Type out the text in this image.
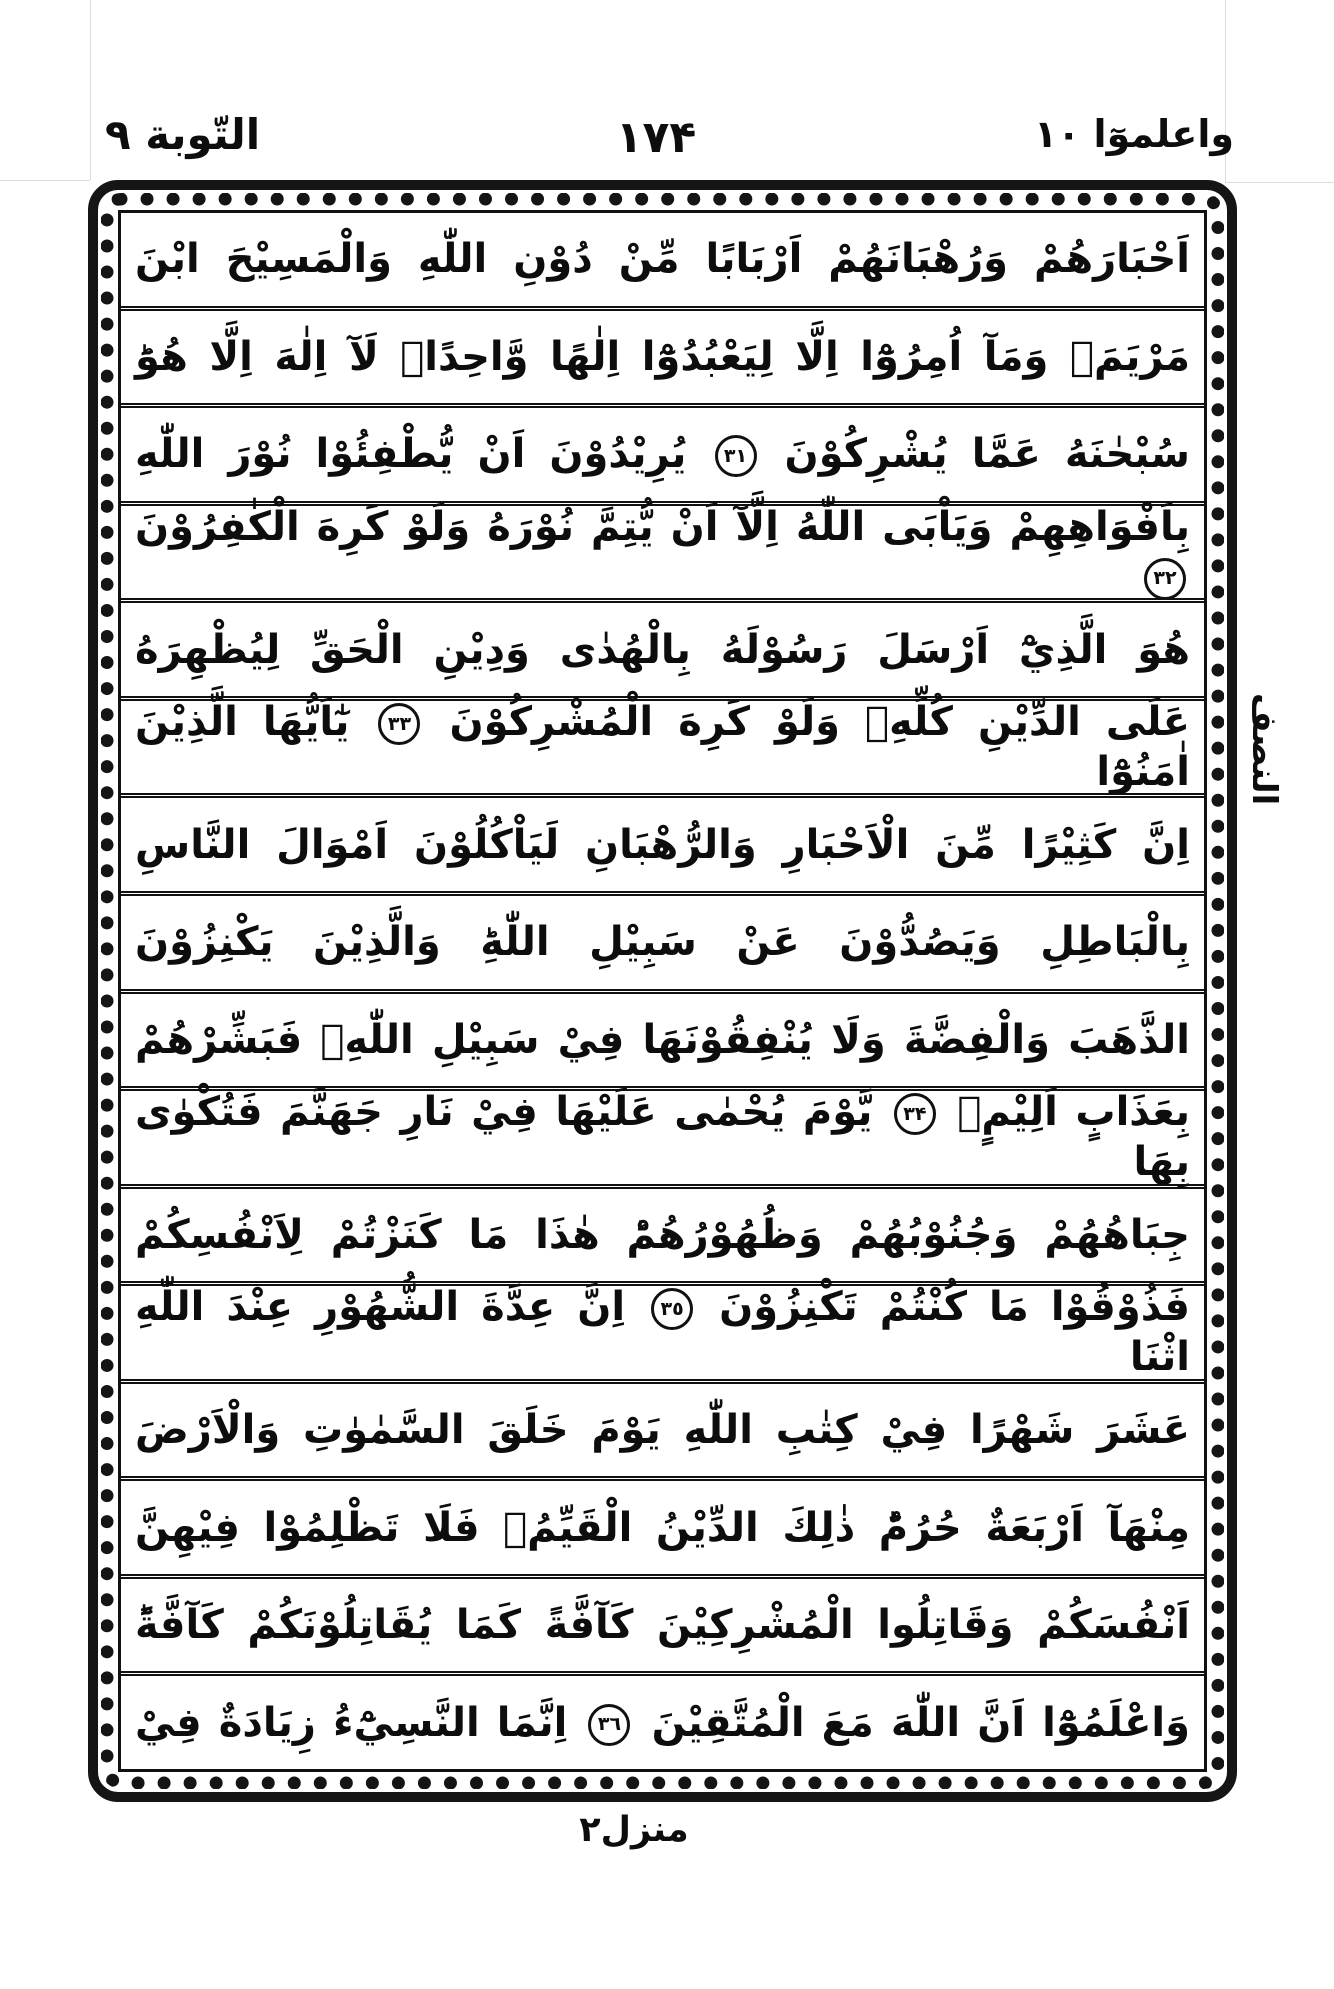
التّوبة ٩	١٧۴	واعلموٓا ١٠
اَحْبَارَهُمْ وَرُهْبَانَهُمْ اَرْبَابًا مِّنْ دُوْنِ اللّٰهِ وَالْمَسِيْحَ ابْنَ
مَرْيَمَۚ وَمَآ اُمِرُوْٓا اِلَّا لِيَعْبُدُوْٓا اِلٰهًا وَّاحِدًاۚ لَآ اِلٰهَ اِلَّا هُوَؕ
سُبْحٰنَهُ عَمَّا يُشْرِكُوْنَ ٣١ يُرِيْدُوْنَ اَنْ يُّطْفِئُوْا نُوْرَ اللّٰهِ
بِاَفْوَاهِهِمْ وَيَاْبَى اللّٰهُ اِلَّآ اَنْ يُّتِمَّ نُوْرَهُ وَلَوْ كَرِهَ الْكٰفِرُوْنَ ٣٢
هُوَ الَّذِيْٓ اَرْسَلَ رَسُوْلَهُ بِالْهُدٰى وَدِيْنِ الْحَقِّ لِيُظْهِرَهُ
عَلَى الدِّيْنِ كُلِّهِۙ وَلَوْ كَرِهَ الْمُشْرِكُوْنَ ٣٣ يٰٓاَيُّهَا الَّذِيْنَ اٰمَنُوْٓا
اِنَّ كَثِيْرًا مِّنَ الْاَحْبَارِ وَالرُّهْبَانِ لَيَاْكُلُوْنَ اَمْوَالَ النَّاسِ
بِالْبَاطِلِ وَيَصُدُّوْنَ عَنْ سَبِيْلِ اللّٰهِؕ وَالَّذِيْنَ يَكْنِزُوْنَ
الذَّهَبَ وَالْفِضَّةَ وَلَا يُنْفِقُوْنَهَا فِيْ سَبِيْلِ اللّٰهِۙ فَبَشِّرْهُمْ
بِعَذَابٍ اَلِيْمٍۙ ٣۴ يَّوْمَ يُحْمٰى عَلَيْهَا فِيْ نَارِ جَهَنَّمَ فَتُكْوٰى بِهَا
جِبَاهُهُمْ وَجُنُوْبُهُمْ وَظُهُوْرُهُمْؕ هٰذَا مَا كَنَزْتُمْ لِاَنْفُسِكُمْ
فَذُوْقُوْا مَا كُنْتُمْ تَكْنِزُوْنَ ٣٥ اِنَّ عِدَّةَ الشُّهُوْرِ عِنْدَ اللّٰهِ اثْنَا
عَشَرَ شَهْرًا فِيْ كِتٰبِ اللّٰهِ يَوْمَ خَلَقَ السَّمٰوٰتِ وَالْاَرْضَ
مِنْهَآ اَرْبَعَةٌ حُرُمٌؕ ذٰلِكَ الدِّيْنُ الْقَيِّمُۙ فَلَا تَظْلِمُوْا فِيْهِنَّ
اَنْفُسَكُمْ وَقَاتِلُوا الْمُشْرِكِيْنَ كَآفَّةً كَمَا يُقَاتِلُوْنَكُمْ كَآفَّةًؕ
وَاعْلَمُوْٓا اَنَّ اللّٰهَ مَعَ الْمُتَّقِيْنَ ٣٦ اِنَّمَا النَّسِيْٓءُ زِيَادَةٌ فِيْ
النصف
منزل۲
